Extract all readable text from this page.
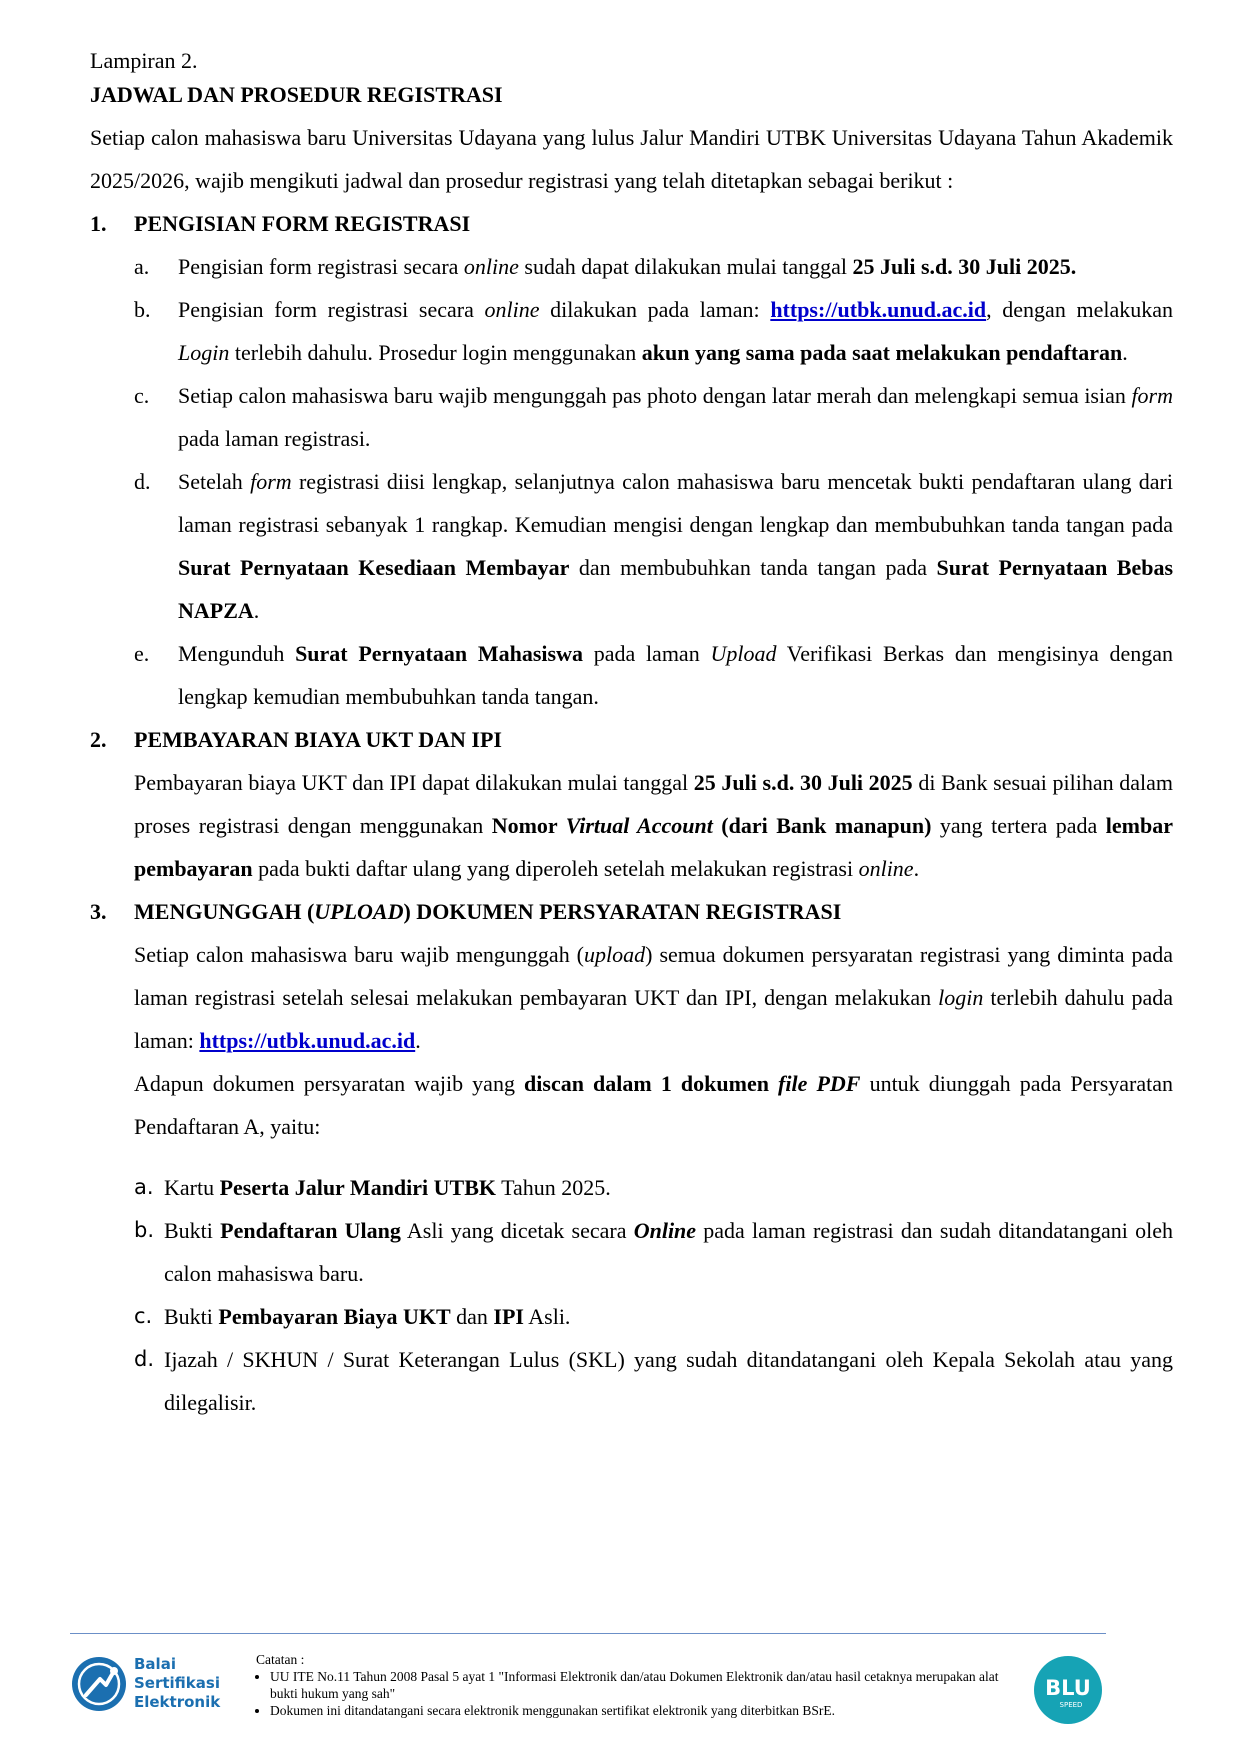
Lampiran 2.
JADWAL DAN PROSEDUR REGISTRASI

Setiap calon mahasiswa baru Universitas Udayana yang lulus Jalur Mandiri UTBK Universitas Udayana Tahun Akademik 2025/2026, wajib mengikuti jadwal dan prosedur registrasi yang telah ditetapkan sebagai berikut :

1. PENGISIAN FORM REGISTRASI
a. Pengisian form registrasi secara online sudah dapat dilakukan mulai tanggal 25 Juli s.d. 30 Juli 2025.
b. Pengisian form registrasi secara online dilakukan pada laman: https://utbk.unud.ac.id, dengan melakukan Login terlebih dahulu. Prosedur login menggunakan akun yang sama pada saat melakukan pendaftaran.
c. Setiap calon mahasiswa baru wajib mengunggah pas photo dengan latar merah dan melengkapi semua isian form pada laman registrasi.
d. Setelah form registrasi diisi lengkap, selanjutnya calon mahasiswa baru mencetak bukti pendaftaran ulang dari laman registrasi sebanyak 1 rangkap. Kemudian mengisi dengan lengkap dan membubuhkan tanda tangan pada Surat Pernyataan Kesediaan Membayar dan membubuhkan tanda tangan pada Surat Pernyataan Bebas NAPZA.
e. Mengunduh Surat Pernyataan Mahasiswa pada laman Upload Verifikasi Berkas dan mengisinya dengan lengkap kemudian membubuhkan tanda tangan.
2. PEMBAYARAN BIAYA UKT DAN IPI

Pembayaran biaya UKT dan IPI dapat dilakukan mulai tanggal 25 Juli s.d. 30 Juli 2025 di Bank sesuai pilihan dalam proses registrasi dengan menggunakan Nomor Virtual Account (dari Bank manapun) yang tertera pada lembar pembayaran pada bukti daftar ulang yang diperoleh setelah melakukan registrasi online.

3. MENGUNGGAH (UPLOAD) DOKUMEN PERSYARATAN REGISTRASI

Setiap calon mahasiswa baru wajib mengunggah (upload) semua dokumen persyaratan registrasi yang diminta pada laman registrasi setelah selesai melakukan pembayaran UKT dan IPI, dengan melakukan login terlebih dahulu pada laman: https://utbk.unud.ac.id.

Adapun dokumen persyaratan wajib yang discan dalam 1 dokumen file PDF untuk diunggah pada Persyaratan Pendaftaran A, yaitu:

a. Kartu Peserta Jalur Mandiri UTBK Tahun 2025.
b. Bukti Pendaftaran Ulang Asli yang dicetak secara Online pada laman registrasi dan sudah ditandatangani oleh calon mahasiswa baru.
c. Bukti Pembayaran Biaya UKT dan IPI Asli.
d. Ijazah / SKHUN / Surat Keterangan Lulus (SKL) yang sudah ditandatangani oleh Kepala Sekolah atau yang dilegalisir.
Balai
Sertifikasi
Elektronik
Catatan :
• UU ITE No.11 Tahun 2008 Pasal 5 ayat 1 "Informasi Elektronik dan/atau Dokumen Elektronik dan/atau hasil cetaknya merupakan alat bukti hukum yang sah"
• Dokumen ini ditandatangani secara elektronik menggunakan sertifikat elektronik yang diterbitkan BSrE.
BLU
SPEED
